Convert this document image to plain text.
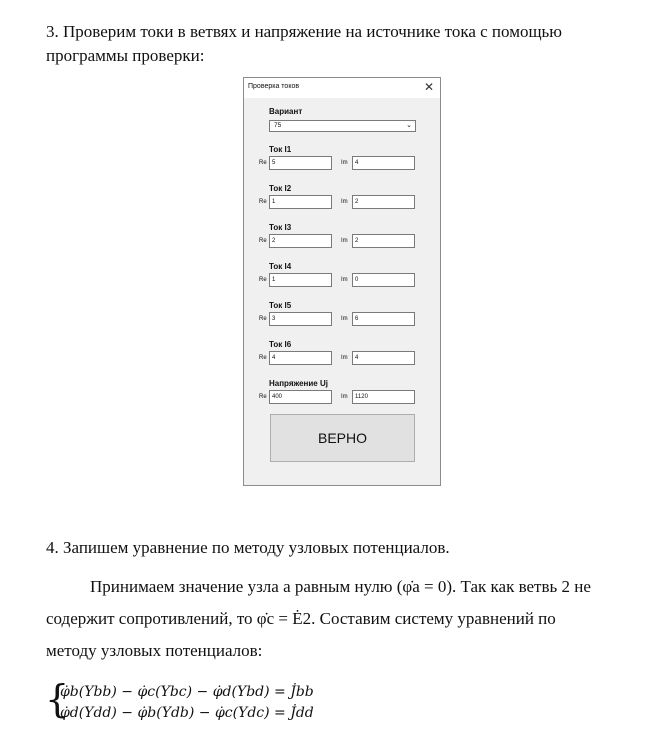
3. Проверим токи в ветвях и напряжение на источнике тока с помощью

программы проверки:

Проверка токов	✕
Вариант
75	⌄
Ток I1
Re 5	Im	4
Ток I2
Re 1	Im	2
Ток I3
Re 2	Im	2
Ток I4
Re 1	Im	0
Ток I5
Re 3	Im	6
Ток I6
Re 4	Im	4
Напряжение Uj
Re 400	Im	1120
ВЕРНО

4. Запишем уравнение по методу узловых потенциалов.

Принимаем значение узла a равным нулю (φ̇a = 0). Так как ветвь 2 не

содержит сопротивлений, то φ̇c = Ė2. Составим систему уравнений по

методу узловых потенциалов:

{
φ̇b(Ybb) − φ̇c(Ybc) − φ̇d(Ybd) = J̇bb
φ̇d(Ydd) − φ̇b(Ydb) − φ̇c(Ydc) = J̇dd
